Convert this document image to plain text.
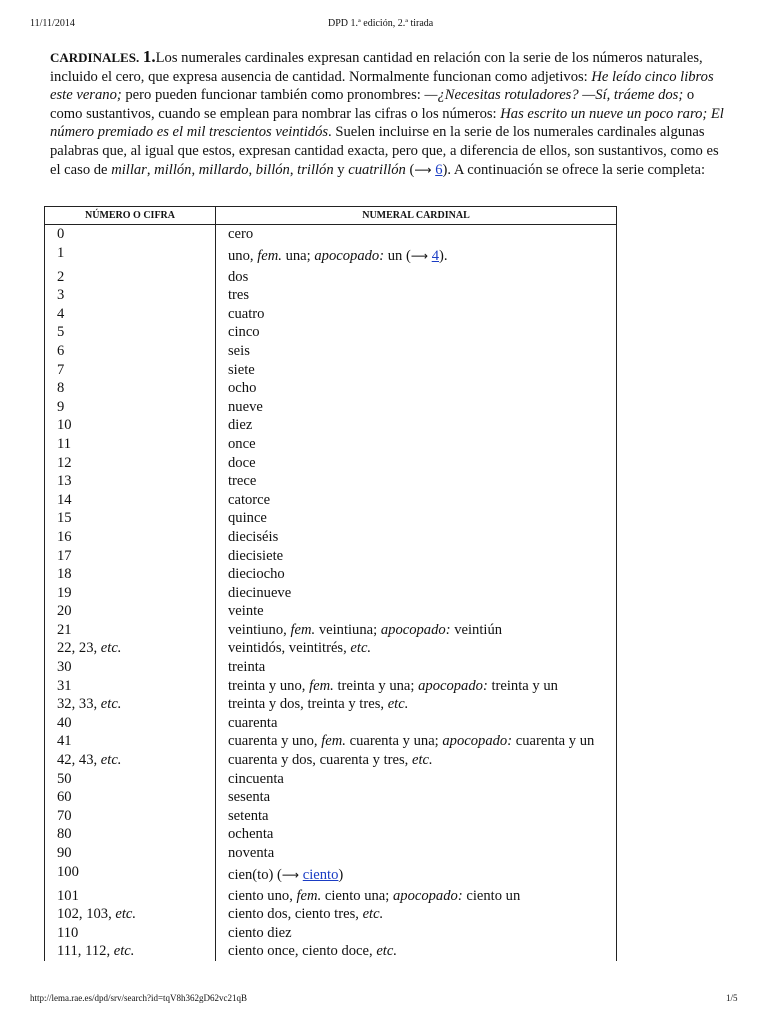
11/11/2014	DPD 1.ª edición, 2.ª tirada
CARDINALES. 1.Los numerales cardinales expresan cantidad en relación con la serie de los números naturales, incluido el cero, que expresa ausencia de cantidad. Normalmente funcionan como adjetivos: He leído cinco libros este verano; pero pueden funcionar también como pronombres: —¿Necesitas rotuladores? —Sí, tráeme dos; o como sustantivos, cuando se emplean para nombrar las cifras o los números: Has escrito un nueve un poco raro; El número premiado es el mil trescientos veintidós. Suelen incluirse en la serie de los numerales cardinales algunas palabras que, al igual que estos, expresan cantidad exacta, pero que, a diferencia de ellos, son sustantivos, como es el caso de millar, millón, millardo, billón, trillón y cuatrillón (⟶ 6). A continuación se ofrece la serie completa:
NÚMERO O CIFRA	NUMERAL CARDINAL
0	cero
1	uno, fem. una; apocopado: un (⟶ 4).
2	dos
3	tres
4	cuatro
5	cinco
6	seis
7	siete
8	ocho
9	nueve
10	diez
11	once
12	doce
13	trece
14	catorce
15	quince
16	dieciséis
17	diecisiete
18	dieciocho
19	diecinueve
20	veinte
21	veintiuno, fem. veintiuna; apocopado: veintiún
22, 23, etc.	veintidós, veintitrés, etc.
30	treinta
31	treinta y uno, fem. treinta y una; apocopado: treinta y un
32, 33, etc.	treinta y dos, treinta y tres, etc.
40	cuarenta
41	cuarenta y uno, fem. cuarenta y una; apocopado: cuarenta y un
42, 43, etc.	cuarenta y dos, cuarenta y tres, etc.
50	cincuenta
60	sesenta
70	setenta
80	ochenta
90	noventa
100	cien(to) (⟶ ciento)
101	ciento uno, fem. ciento una; apocopado: ciento un
102, 103, etc.	ciento dos, ciento tres, etc.
110	ciento diez
111, 112, etc.	ciento once, ciento doce, etc.
http://lema.rae.es/dpd/srv/search?id=tqV8h362gD62vc21qB	1/5
